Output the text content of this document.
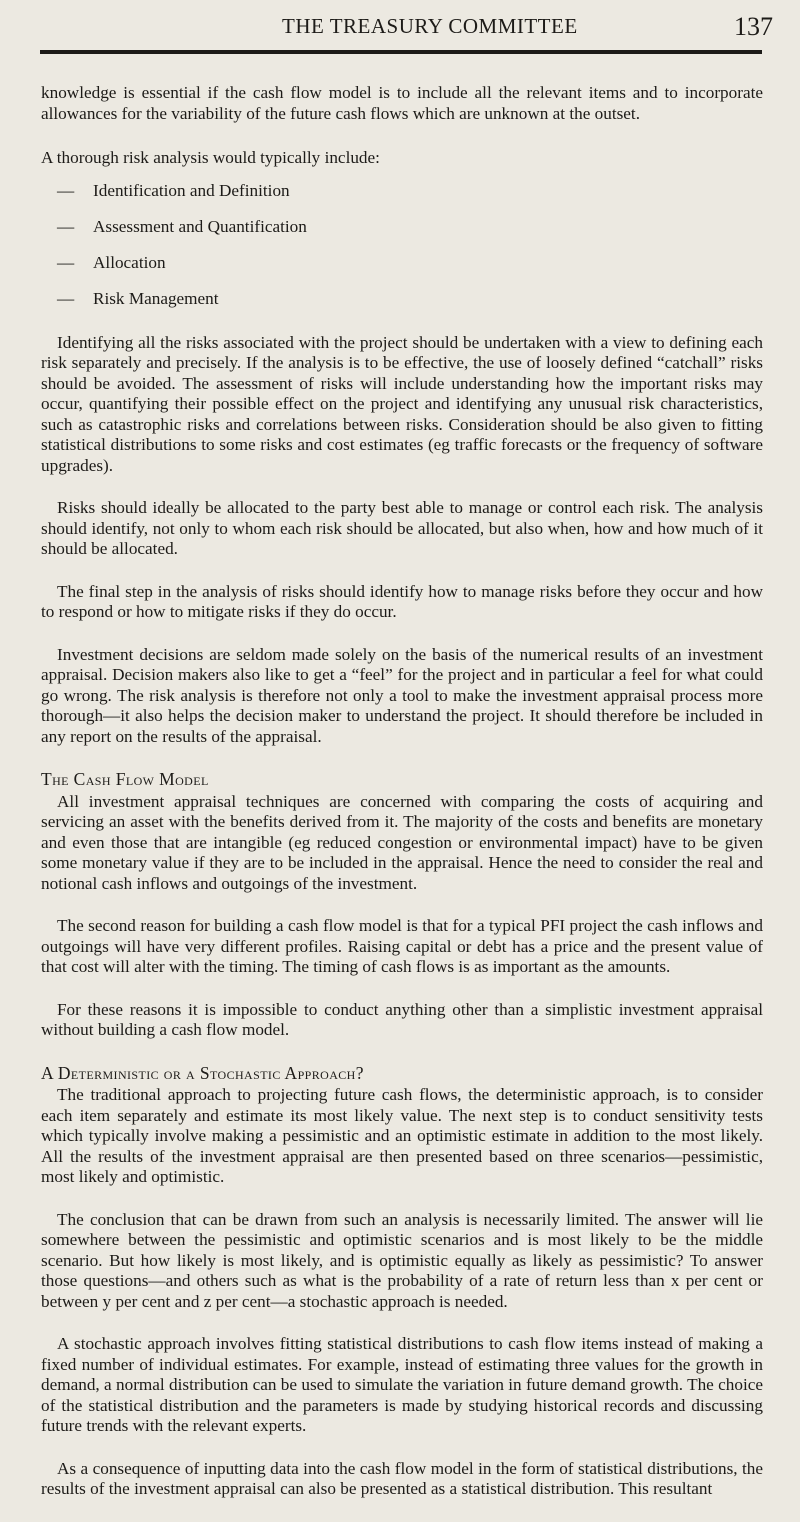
THE TREASURY COMMITTEE	137

knowledge is essential if the cash flow model is to include all the relevant items and to incorporate allowances for the variability of the future cash flows which are unknown at the outset.

A thorough risk analysis would typically include:

— Identification and Definition
— Assessment and Quantification
— Allocation
— Risk Management

Identifying all the risks associated with the project should be undertaken with a view to defining each risk separately and precisely. If the analysis is to be effective, the use of loosely defined “catchall” risks should be avoided. The assessment of risks will include understanding how the important risks may occur, quantifying their possible effect on the project and identifying any unusual risk characteristics, such as catastrophic risks and correlations between risks. Consideration should be also given to fitting statistical distributions to some risks and cost estimates (eg traffic forecasts or the frequency of software upgrades).

Risks should ideally be allocated to the party best able to manage or control each risk. The analysis should identify, not only to whom each risk should be allocated, but also when, how and how much of it should be allocated.

The final step in the analysis of risks should identify how to manage risks before they occur and how to respond or how to mitigate risks if they do occur.

Investment decisions are seldom made solely on the basis of the numerical results of an investment appraisal. Decision makers also like to get a “feel” for the project and in particular a feel for what could go wrong. The risk analysis is therefore not only a tool to make the investment appraisal process more thorough—it also helps the decision maker to understand the project. It should therefore be included in any report on the results of the appraisal.

The Cash Flow Model

All investment appraisal techniques are concerned with comparing the costs of acquiring and servicing an asset with the benefits derived from it. The majority of the costs and benefits are monetary and even those that are intangible (eg reduced congestion or environmental impact) have to be given some monetary value if they are to be included in the appraisal. Hence the need to consider the real and notional cash inflows and outgoings of the investment.

The second reason for building a cash flow model is that for a typical PFI project the cash inflows and outgoings will have very different profiles. Raising capital or debt has a price and the present value of that cost will alter with the timing. The timing of cash flows is as important as the amounts.

For these reasons it is impossible to conduct anything other than a simplistic investment appraisal without building a cash flow model.

A Deterministic or a Stochastic Approach?

The traditional approach to projecting future cash flows, the deterministic approach, is to consider each item separately and estimate its most likely value. The next step is to conduct sensitivity tests which typically involve making a pessimistic and an optimistic estimate in addition to the most likely. All the results of the investment appraisal are then presented based on three scenarios—pessimistic, most likely and optimistic.

The conclusion that can be drawn from such an analysis is necessarily limited. The answer will lie somewhere between the pessimistic and optimistic scenarios and is most likely to be the middle scenario. But how likely is most likely, and is optimistic equally as likely as pessimistic? To answer those questions—and others such as what is the probability of a rate of return less than x per cent or between y per cent and z per cent—a stochastic approach is needed.

A stochastic approach involves fitting statistical distributions to cash flow items instead of making a fixed number of individual estimates. For example, instead of estimating three values for the growth in demand, a normal distribution can be used to simulate the variation in future demand growth. The choice of the statistical distribution and the parameters is made by studying historical records and discussing future trends with the relevant experts.

As a consequence of inputting data into the cash flow model in the form of statistical distributions, the results of the investment appraisal can also be presented as a statistical distribution. This resultant
